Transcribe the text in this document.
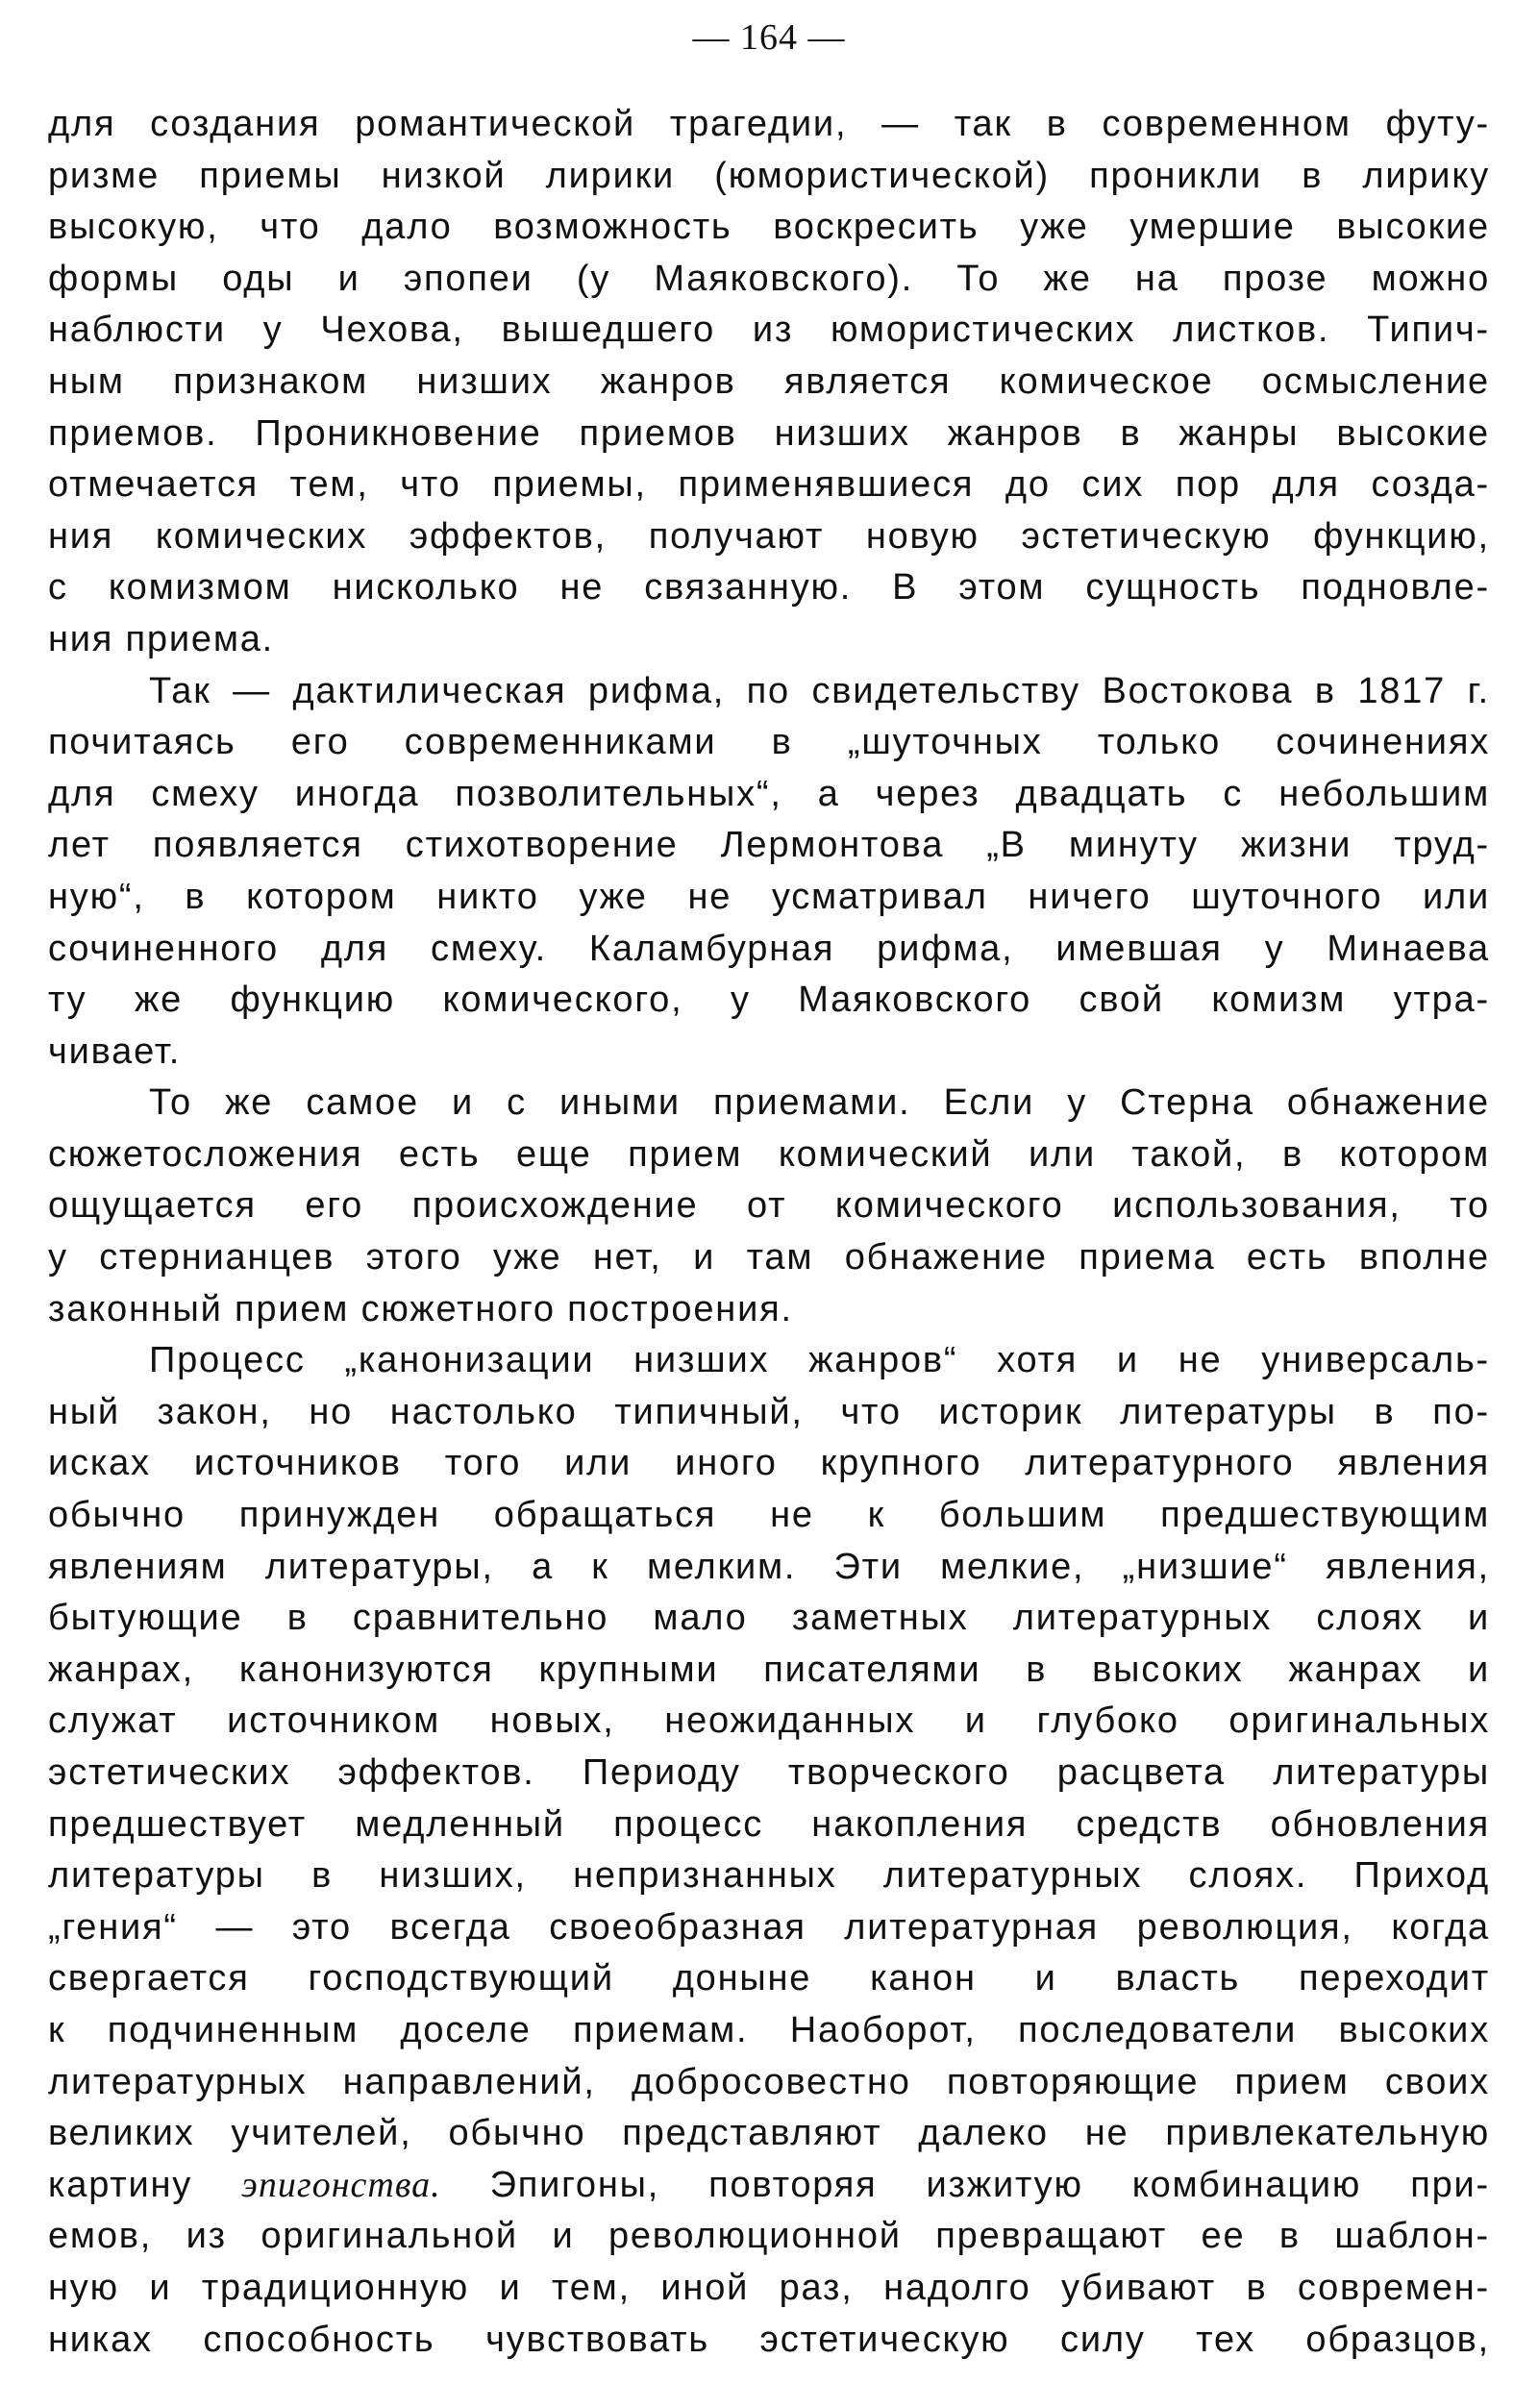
— 164 —
для создания романтической трагедии, — так в современном футу-
ризме приемы низкой лирики (юмористической) проникли в лирику
высокую, что дало возможность воскресить уже умершие высокие
формы оды и эпопеи (у Маяковского). То же на прозе можно
наблюсти у Чехова, вышедшего из юмористических листков. Типич-
ным признаком низших жанров является комическое осмысление
приемов. Проникновение приемов низших жанров в жанры высокие
отмечается тем, что приемы, применявшиеся до сих пор для созда-
ния комических эффектов, получают новую эстетическую функцию,
с комизмом нисколько не связанную. В этом сущность подновле-
ния приема.
Так — дактилическая рифма, по свидетельству Востокова в 1817 г.
почитаясь его современниками в „шуточных только сочинениях
для смеху иногда позволительных“, а через двадцать с небольшим
лет появляется стихотворение Лермонтова „В минуту жизни труд-
ную“, в котором никто уже не усматривал ничего шуточного или
сочиненного для смеху. Каламбурная рифма, имевшая у Минаева
ту же функцию комического, у Маяковского свой комизм утра-
чивает.
То же самое и с иными приемами. Если у Стерна обнажение
сюжетосложения есть еще прием комический или такой, в котором
ощущается его происхождение от комического использования, то
у стернианцев этого уже нет, и там обнажение приема есть вполне
законный прием сюжетного построения.
Процесс „канонизации низших жанров“ хотя и не универсаль-
ный закон, но настолько типичный, что историк литературы в по-
исках источников того или иного крупного литературного явления
обычно принужден обращаться не к большим предшествующим
явлениям литературы, а к мелким. Эти мелкие, „низшие“ явления,
бытующие в сравнительно мало заметных литературных слоях и
жанрах, канонизуются крупными писателями в высоких жанрах и
служат источником новых, неожиданных и глубоко оригинальных
эстетических эффектов. Периоду творческого расцвета литературы
предшествует медленный процесс накопления средств обновления
литературы в низших, непризнанных литературных слоях. Приход
„гения“ — это всегда своеобразная литературная революция, когда
свергается господствующий доныне канон и власть переходит
к подчиненным доселе приемам. Наоборот, последователи высоких
литературных направлений, добросовестно повторяющие прием своих
великих учителей, обычно представляют далеко не привлекательную
картину эпигонства. Эпигоны, повторяя изжитую комбинацию при-
емов, из оригинальной и революционной превращают ее в шаблон-
ную и традиционную и тем, иной раз, надолго убивают в современ-
никах способность чувствовать эстетическую силу тех образцов,
